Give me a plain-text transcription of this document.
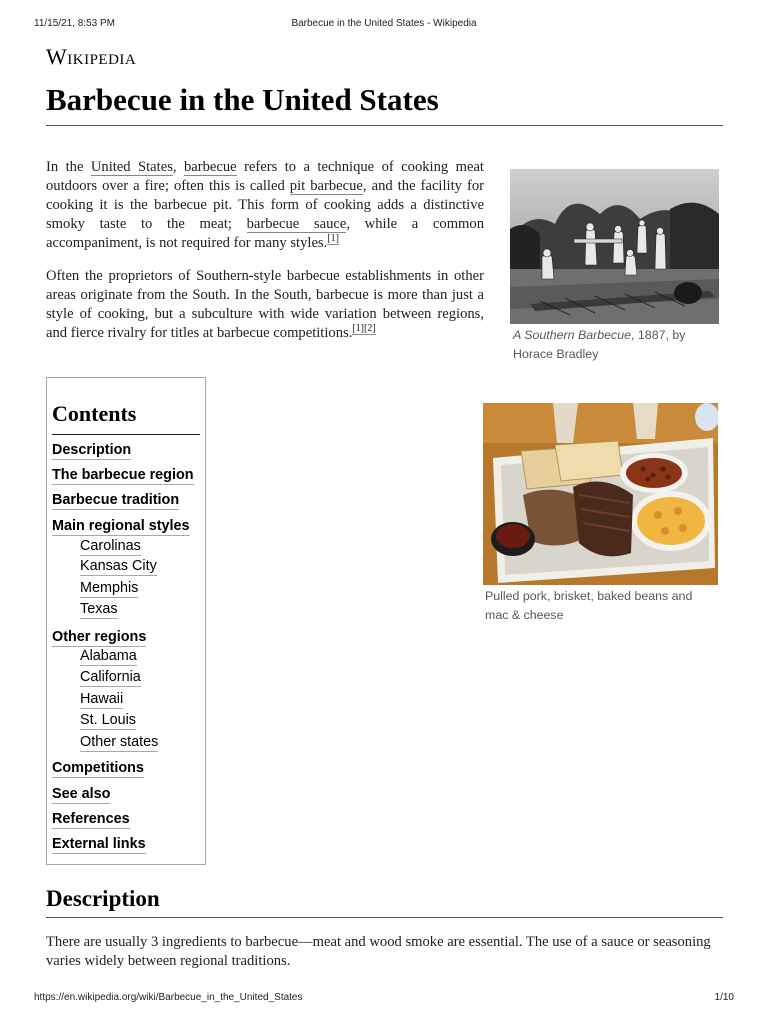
11/15/21, 8:53 PM	Barbecue in the United States - Wikipedia
Wikipedia
Barbecue in the United States

In the United States, barbecue refers to a technique of cooking meat outdoors over a fire; often this is called pit barbecue, and the facility for cooking it is the barbecue pit. This form of cooking adds a distinctive smoky taste to the meat; barbecue sauce, while a common accompaniment, is not required for many styles.[1]

Often the proprietors of Southern-style barbecue establishments in other areas originate from the South. In the South, barbecue is more than just a style of cooking, but a subculture with wide variation between regions, and fierce rivalry for titles at barbecue competitions.[1][2]	A Southern Barbecue, 1887, by Horace Bradley
Pulled pork, brisket, baked beans and mac & cheese
Contents
Description
The barbecue region
Barbecue tradition
Main regional styles
Carolinas
Kansas City
Memphis
Texas
Other regions
Alabama
California
Hawaii
St. Louis
Other states
Competitions
See also
References
External links
Description

There are usually 3 ingredients to barbecue—meat and wood smoke are essential. The use of a sauce or seasoning varies widely between regional traditions.

https://en.wikipedia.org/wiki/Barbecue_in_the_United_States	1/10
